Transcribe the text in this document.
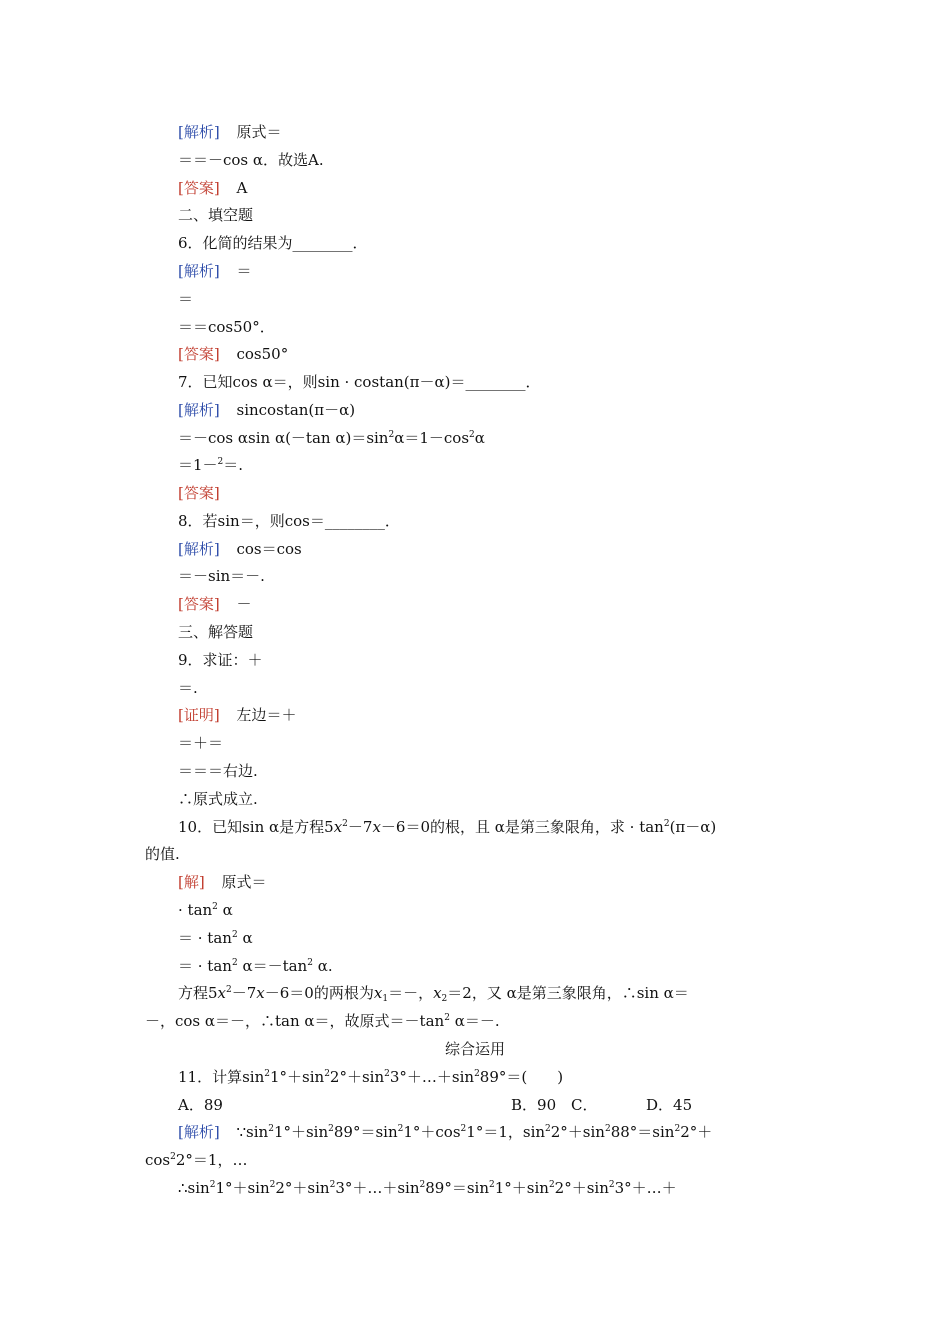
[解析] 原式＝
＝＝－cos α．故选A.
[答案] A
二、填空题
6．化简的结果为________．
[解析] ＝
＝
＝＝cos50°．
[答案] cos50°
7．已知cos α＝，则sin · costan(π－α)＝________．
[解析] sincostan(π－α)
＝－cos αsin α(－tan $\alpha)=\sin^2\alpha=1-\cos^2\alpha$
＝1－$^2$＝.
[答案]
8．若sin＝，则cos＝________．
[解析] cos＝cos
＝－sin＝－.
[答案] －
三、解答题
9．求证：＋
＝.
[证明] 左边＝＋
＝＋＝
＝＝＝右边.
∴原式成立.
10．已知sin α是方程$5x^2-7x-6=0$的根，且 α是第三象限角，求 · $\tan^2(\pi-\alpha)$
的值.
[解] 原式＝
· $\tan^2 \alpha$
＝ · $\tan^2 \alpha$
＝ · $\tan^2 \alpha=-\tan^2$ α.
方程$5x^2-7x-6=0$的两根为$x_1=-$，$x_2=2$，又 α是第三象限角，∴sin α＝
－，cos α＝－，∴tan α＝，故原式$=-\tan^2$ α＝－.
综合运用
11．计算$\sin^21^\circ+\sin^22^\circ+\sin^23^\circ+\dots+\sin^289^\circ=$(　　)
A．89	B．90 C．	D．45
[解析] $\because\sin^21^\circ+\sin^289^\circ=\sin^21^\circ+\cos^21^\circ=1$，$\sin^22^\circ+\sin^288^\circ=\sin^22^\circ+$
$\cos^22^\circ=1$，…
$\therefore\sin^21^\circ+\sin^22^\circ+\sin^23^\circ+\dots+\sin^289^\circ=\sin^21^\circ+\sin^22^\circ+\sin^23^\circ+\dots+$
